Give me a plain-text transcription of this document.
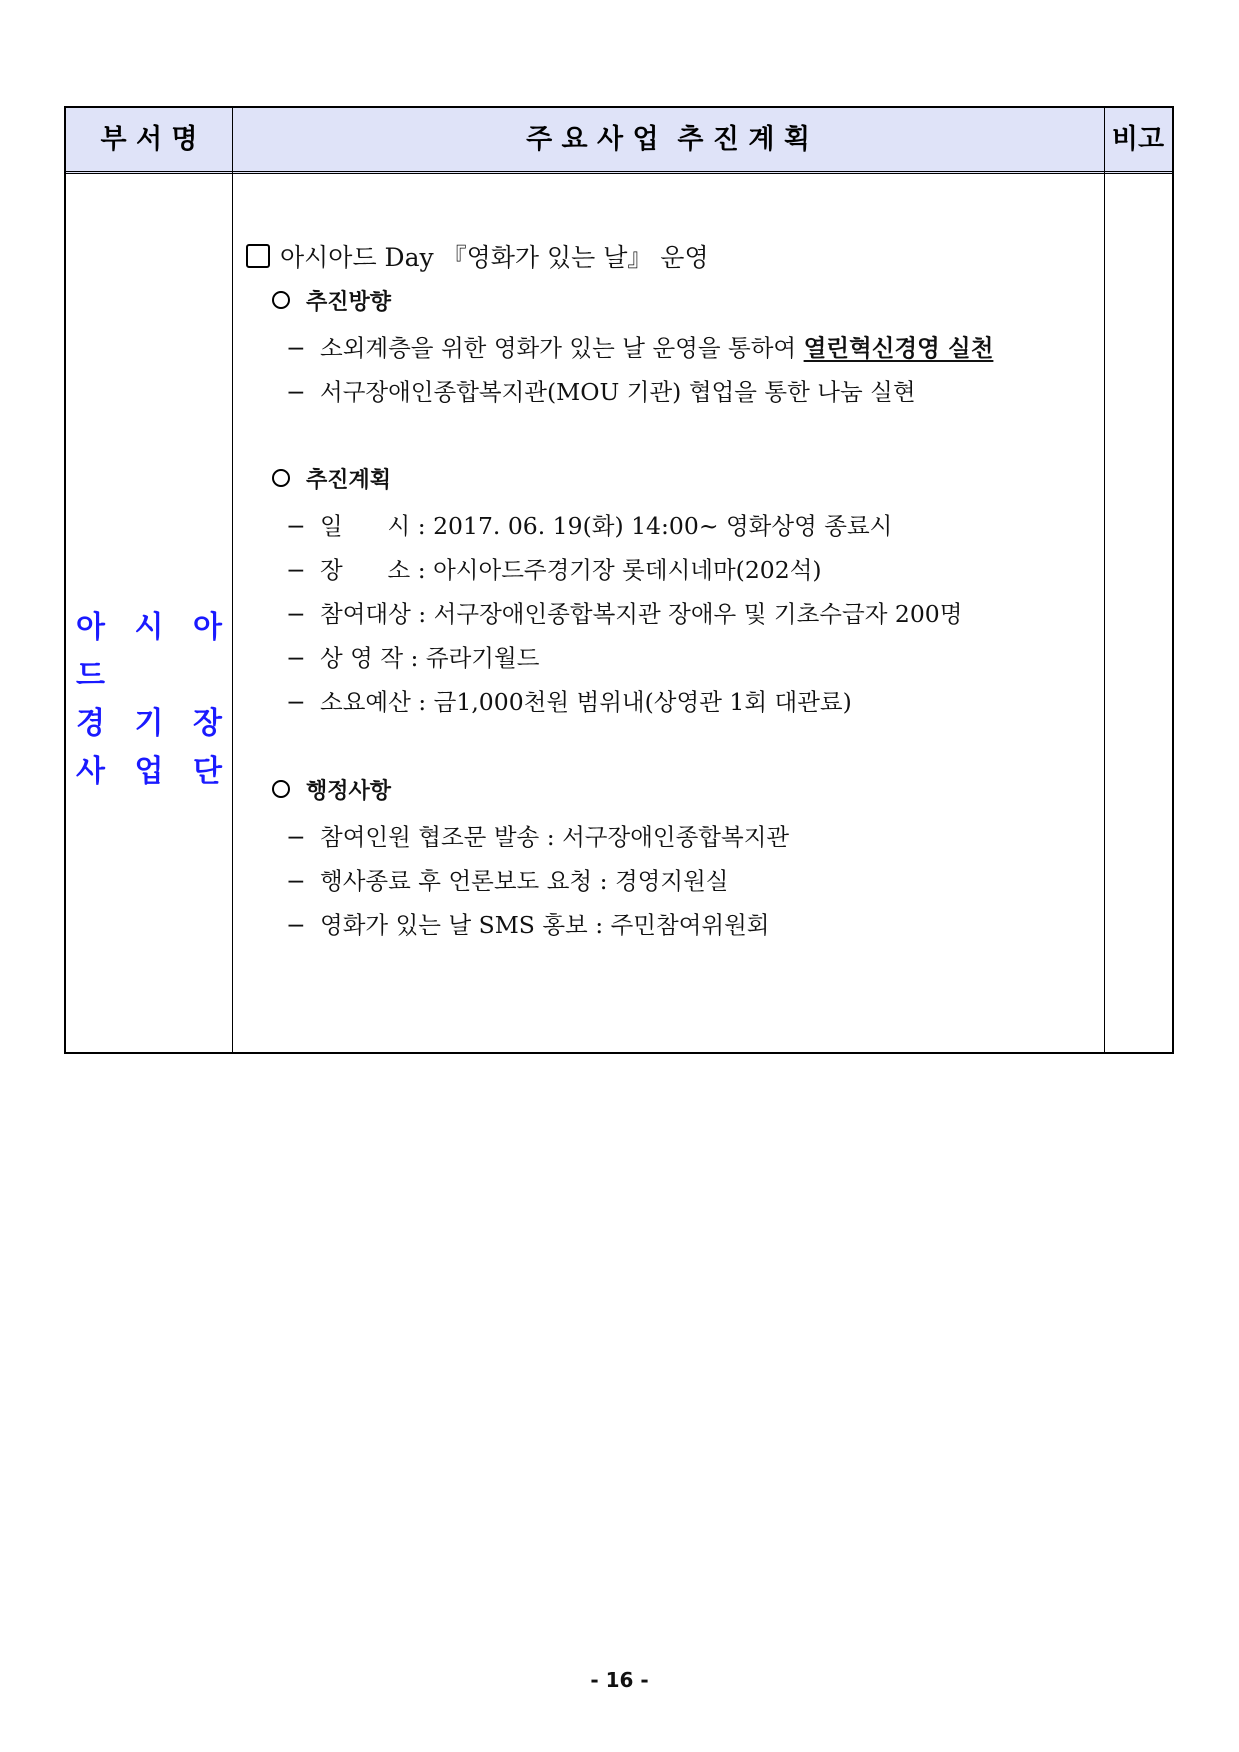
부 서 명	주 요 사 업  추 진 계 획	비고
아 시 아 드
경 기 장
사 업 단
아시아드 Day 『영화가 있는 날』 운영
추진방향
− 소외계층을 위한 영화가 있는 날 운영을 통하여 열린혁신경영 실천
− 서구장애인종합복지관(MOU 기관) 협업을 통한 나눔 실현
추진계획
− 일      시 : 2017. 06. 19(화) 14:00~ 영화상영 종료시
− 장      소 : 아시아드주경기장 롯데시네마(202석)
− 참여대상 : 서구장애인종합복지관 장애우 및 기초수급자 200명
− 상 영 작 : 쥬라기월드
− 소요예산 : 금1,000천원 범위내(상영관 1회 대관료)
행정사항
− 참여인원 협조문 발송 : 서구장애인종합복지관
− 행사종료 후 언론보도 요청 : 경영지원실
− 영화가 있는 날 SMS 홍보 : 주민참여위원회
- 16 -
